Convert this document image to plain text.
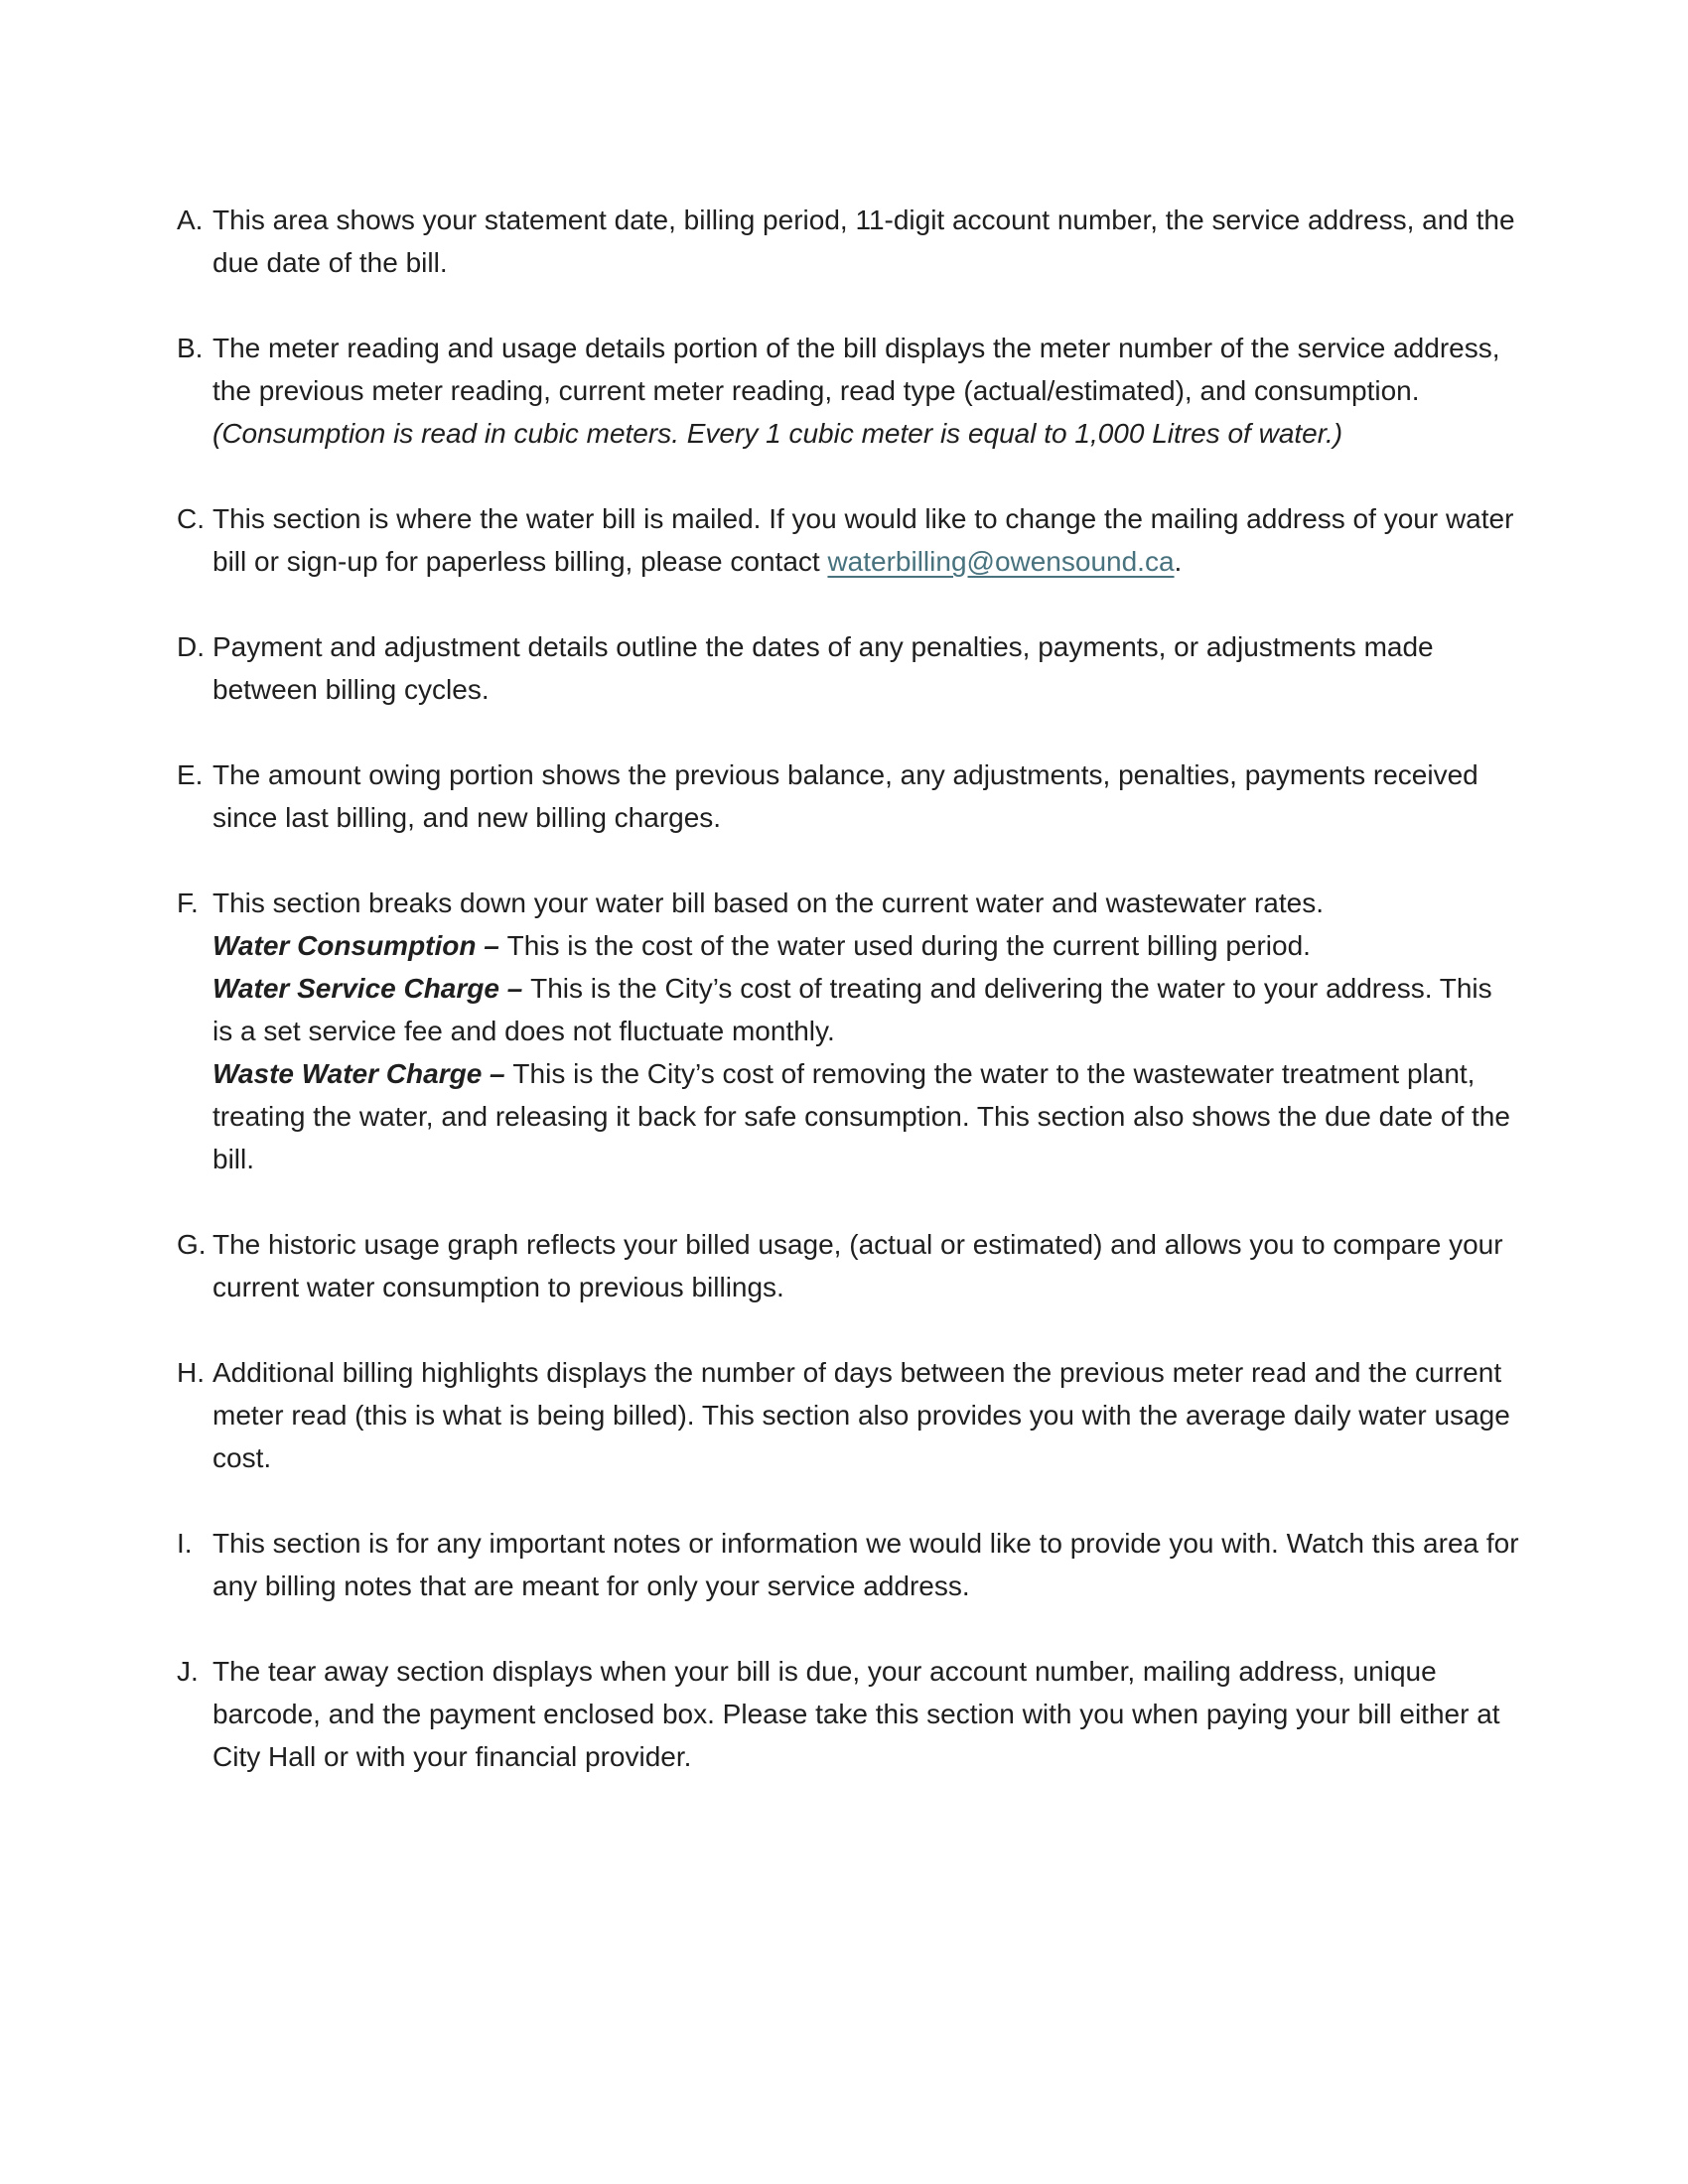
A. This area shows your statement date, billing period, 11-digit account number, the service address, and the due date of the bill.
B. The meter reading and usage details portion of the bill displays the meter number of the service address, the previous meter reading, current meter reading, read type (actual/estimated), and consumption. (Consumption is read in cubic meters. Every 1 cubic meter is equal to 1,000 Litres of water.)
C. This section is where the water bill is mailed. If you would like to change the mailing address of your water bill or sign-up for paperless billing, please contact waterbilling@owensound.ca.
D. Payment and adjustment details outline the dates of any penalties, payments, or adjustments made between billing cycles.
E. The amount owing portion shows the previous balance, any adjustments, penalties, payments received since last billing, and new billing charges.
F. This section breaks down your water bill based on the current water and wastewater rates.
Water Consumption – This is the cost of the water used during the current billing period.
Water Service Charge – This is the City’s cost of treating and delivering the water to your address. This is a set service fee and does not fluctuate monthly.
Waste Water Charge – This is the City’s cost of removing the water to the wastewater treatment plant, treating the water, and releasing it back for safe consumption. This section also shows the due date of the bill.
G. The historic usage graph reflects your billed usage, (actual or estimated) and allows you to compare your current water consumption to previous billings.
H. Additional billing highlights displays the number of days between the previous meter read and the current meter read (this is what is being billed). This section also provides you with the average daily water usage cost.
I. This section is for any important notes or information we would like to provide you with. Watch this area for any billing notes that are meant for only your service address.
J. The tear away section displays when your bill is due, your account number, mailing address, unique barcode, and the payment enclosed box. Please take this section with you when paying your bill either at City Hall or with your financial provider.
